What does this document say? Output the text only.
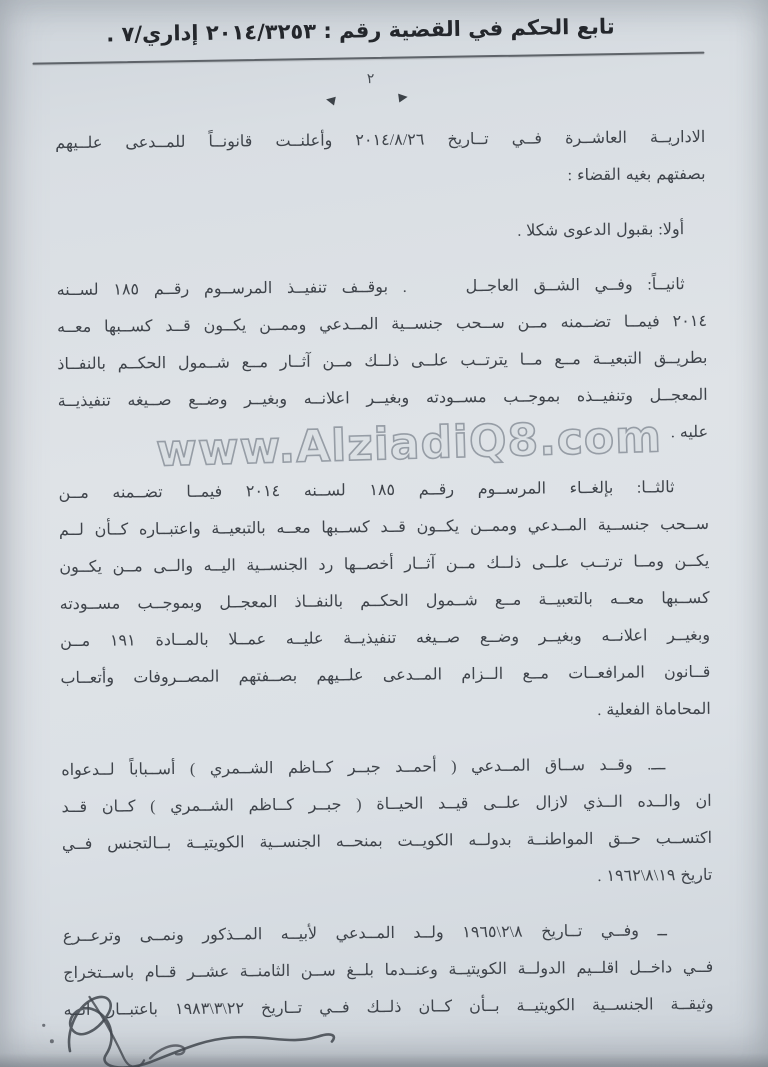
تابع الحكم في القضية رقم : ٢٠١٤/٣٢٥٣ إداري/٧ .
٢
◄	►
الاداريــة العاشــرة فــي تــاريخ ٢٠١٤/٨/٢٦ وأعلنــت قانونــاً للمــدعى علــيهم
بصفتهم بغيه القضاء :
أولا: بقبول الدعوى شكلا .
ثانيــاً: وفــي الشــق العاجــل    . بوقــف تنفيــذ المرســوم رقــم ١٨٥ لســنه
٢٠١٤ فيمــا تضــمنه مــن ســحب جنســية المــدعي وممــن يكــون قــد كســبها معــه
بطريــق التبعيــة مــع مــا يترتــب علــى ذلــك مــن آثــار مــع شــمول الحكــم بالنفــاذ
المعجــل وتنفيــذه بموجــب مســودته وبغيــر اعلانــه وبغيــر وضــع صــيغه تنفيذيــة
عليه .
ثالثــا: بإلغــاء المرســوم رقــم ١٨٥ لســنه ٢٠١٤ فيمــا تضــمنه مــن
ســحب جنســية المــدعي وممــن يكــون قــد كســبها معــه بالتبعيــة واعتبــاره كــأن لــم
يكــن ومــا ترتــب علــى ذلــك مــن آثــار أخصــها رد الجنســية اليــه والــى مــن يكــون
كســبها معــه بالتعبيــة مــع شــمول الحكــم بالنفــاذ المعجــل وبموجــب مســودته
وبغيــر اعلانــه وبغيــر وضــع صــيغه تنفيذيــة عليــه عمــلا بالمــادة ١٩١ مــن
قــانون المرافعــات مــع الــزام المــدعى علــيهم بصــفتهم المصــروفات وأتعــاب
المحاماة الفعلية .
ـــ. وقــد ســاق المــدعي ( أحمــد جبــر كــاظم الشــمري ) أســباباً لــدعواه
ان والــده الــذي لازال علــى قيــد الحيــاة ( جبــر كــاظم الشــمري ) كــان قــد
اكتســب حــق المواطنــة بدولــه الكويــت بمنحــه الجنســية الكويتيــة بــالتجنس فــي
تاريخ ١٩\٨\١٩٦٢ .
ــ وفــي تــاريخ ٨\٢\١٩٦٥ ولــد المــدعي لأبيــه المــذكور ونمــى وترعــرع
فــي داخــل اقلــيم الدولــة الكويتيــة وعنــدما بلــغ ســن الثامنــة عشــر قــام باســتخراج
وثيقــة الجنســية الكويتيــة بــأن كــان ذلــك فــي تــاريخ ٢٢\٣\١٩٨٣ باعتبــار انــه
www.AlziadiQ8.com
